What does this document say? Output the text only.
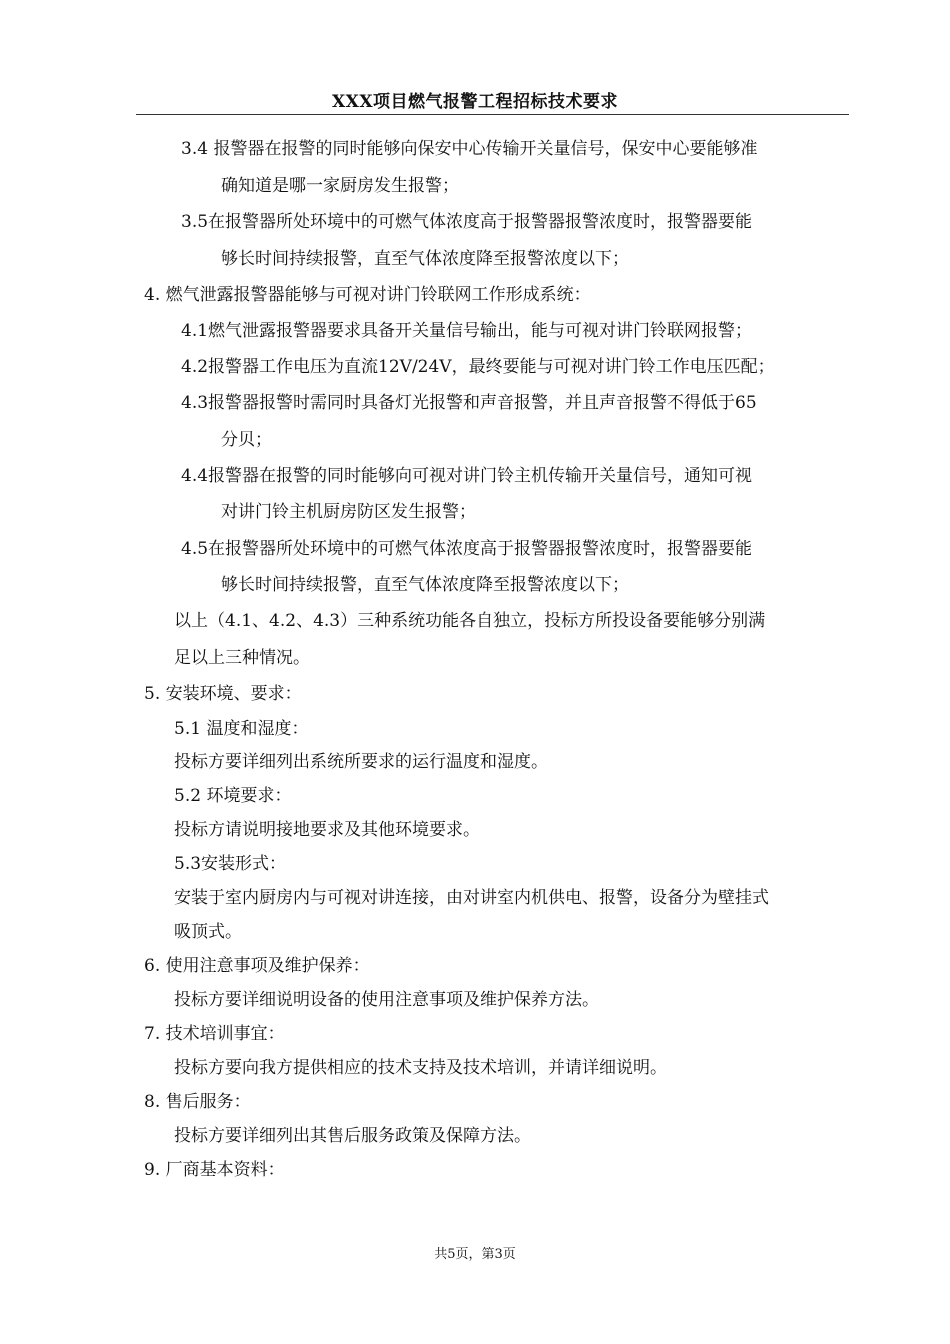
XXX项目燃气报警工程招标技术要求
3.4 报警器在报警的同时能够向保安中心传输开关量信号，保安中心要能够准
确知道是哪一家厨房发生报警；
3.5在报警器所处环境中的可燃气体浓度高于报警器报警浓度时，报警器要能
够长时间持续报警，直至气体浓度降至报警浓度以下；
4. 燃气泄露报警器能够与可视对讲门铃联网工作形成系统：
4.1燃气泄露报警器要求具备开关量信号输出，能与可视对讲门铃联网报警；
4.2报警器工作电压为直流12V/24V，最终要能与可视对讲门铃工作电压匹配；
4.3报警器报警时需同时具备灯光报警和声音报警，并且声音报警不得低于65
分贝；
4.4报警器在报警的同时能够向可视对讲门铃主机传输开关量信号，通知可视
对讲门铃主机厨房防区发生报警；
4.5在报警器所处环境中的可燃气体浓度高于报警器报警浓度时，报警器要能
够长时间持续报警，直至气体浓度降至报警浓度以下；
以上（4.1、4.2、4.3）三种系统功能各自独立，投标方所投设备要能够分别满
足以上三种情况。
5. 安装环境、要求：
5.1 温度和湿度：
投标方要详细列出系统所要求的运行温度和湿度。
5.2 环境要求：
投标方请说明接地要求及其他环境要求。
5.3安装形式：
安装于室内厨房内与可视对讲连接，由对讲室内机供电、报警，设备分为壁挂式
吸顶式。
6. 使用注意事项及维护保养：
投标方要详细说明设备的使用注意事项及维护保养方法。
7. 技术培训事宜：
投标方要向我方提供相应的技术支持及技术培训，并请详细说明。
8. 售后服务：
投标方要详细列出其售后服务政策及保障方法。
9. 厂商基本资料：
共5页，第3页
